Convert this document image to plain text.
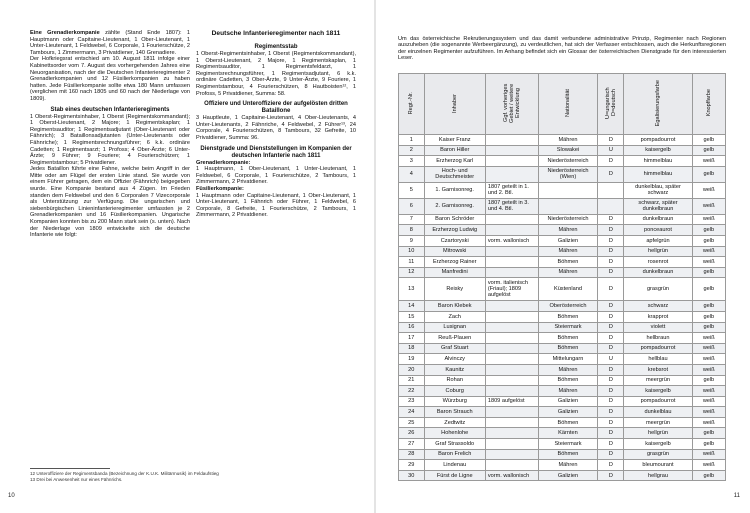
Eine Grenadierkompanie zählte (Stand Ende 1807): 1 Hauptmann oder Capitaine-Lieutenant, 1 Ober-Lieutenant, 1 Unter-Lieutenant, 1 Feldwebel, 6 Corporale, 1 Fourierschütze, 2 Tambours, 1 Zimmermann, 3 Privatdiener, 140 Grenadiere.

Der Hofkriegsrat entschied am 10. August 1811 infolge einer Kabinettsorder vom 7. August des vorhergehenden Jahres eine Neuorganisation, nach der die Deutschen Infanterieregimenter 2 Grenadierkompanien und 12 Füsilierkompanien zu haben hatten. Jede Füsilierkompanie sollte etwa 180 Mann umfassen (verglichen mit 160 nach 1805 und 60 nach der Niederlage von 1809).

Stab eines deutschen Infanterieregiments

1 Oberst-Regimentsinhaber, 1 Oberst (Regimentskommandant); 1 Oberst-Lieutenant, 2 Majore; 1 Regimentskaplan; 1 Regimentsauditor; 1 Regimentsadjutant (Ober-Lieutenant oder Fähnrich); 3 Bataillonsadjutanten (Unter-Lieutenants oder Fähnriche); 1 Regimentsrechnungsführer; 6 k.k. ordinäre Cadetten; 1 Regimentsarzt; 1 Profoss; 4 Ober-Ärzte; 6 Unter-Ärzte; 9 Führer; 9 Fouriere; 4 Fourierschützen; 1 Regimentstambour; 5 Privatdiener.

Jedes Bataillon führte eine Fahne, welche beim Angriff in der Mitte oder am Flügel der ersten Linie stand. Sie wurde von einem Führer getragen, dem ein Offizier (Fähnrich) beigegeben wurde. Eine Kompanie bestand aus 4 Zügen. Im Frieden standen dem Feldwebel und den 6 Corporalen 7 Vizecorporale als Unterstützung zur Verfügung. Die ungarischen und siebenbürgischen Linieninfanterieregimenter umfassten je 2 Grenadierkompanien und 16 Füsilierkompanien. Ungarische Kompanien konnten bis zu 200 Mann stark sein (s. unten). Nach der Niederlage von 1809 entwickelte sich die deutsche Infanterie wie folgt:

Deutsche Infanterieregimenter nach 1811

Regimentsstab

1 Oberst-Regimentsinhaber, 1 Oberst (Regimentskommandant), 1 Oberst-Lieutenant, 2 Majore, 1 Regimentskaplan, 1 Regimentsauditor, 1 Regimentsfeldarzt, 1 Regimentsrechnungsführer, 1 Regimentsadjutant, 6 k.k. ordinäre Cadetten, 3 Ober-Ärzte, 9 Unter-Ärzte, 9 Fouriere, 1 Regimentstambour, 4 Fourierschützen, 8 Hautboisten¹², 1 Profoss, 5 Privatdiener, Summa: 58.

Offiziere und Unteroffiziere der aufgelösten dritten Bataillone

3 Hauptleute, 1 Capitaine-Lieutenant, 4 Ober-Lieutenants, 4 Unter-Lieutenants, 2 Fähnriche, 4 Feldwebel, 2 Führer¹³, 24 Corporale, 4 Fourierschützen, 8 Tambours, 32 Gefreite, 10 Privatdiener, Summa: 96.

Dienstgrade und Dienststellungen im Kompanien der deutschen Infanterie nach 1811

Grenadierkompanie:

1 Hauptmann, 1 Ober-Lieutenant, 1 Unter-Lieutenant, 1 Feldwebel, 6 Corporale, 1 Fourierschütze, 2 Tambours, 1 Zimmermann, 2 Privatdiener.

Füsilierkompanie:

1 Hauptmann oder Capitaine-Lieutenant, 1 Ober-Lieutenant, 1 Unter-Lieutenant, 1 Fähnrich oder Führer, 1 Feldwebel, 6 Corporale, 8 Gefreite, 1 Fourierschütze, 2 Tambours, 1 Zimmermann, 2 Privatdiener.

12 Unteroffiziere der Regimentsbanda (Bezeichnung der K.U.K. Militärmusik) im Feldaufstieg
13 Drei bei Anwesenheit nur eines Fähnrichs.
10

Um das österreichische Rekrutierungssystem und das damit verbundene administrative Prinzip, Regimenter nach Regionen auszuheben (die sogenannte Werbeergänzung), zu verdeutlichen, hat sich der Verfasser entschlossen, auch die Herkunftsregionen der einzelnen Regimenter aufzuführen. Im Anhang befindet sich ein Glossar der österreichischen Dienstgrade für den interessierten Leser.

Regt.-Nr.	Inhaber	Ggf. vorheriges Gebiet / weitere Entwicklung	Nationalität	U=ungarisch D=deutsch	Egalisierungsfarbe	Knopffarbe
1	Kaiser Franz		Mähren	D	pompadourrot	gelb
2	Baron Hiller		Slowakei	U	kaisergelb	gelb
3	Erzherzog Karl		Niederösterreich	D	himmelblau	weiß
4	Hoch- und Deutschmeister		Niederösterreich (Wien)	D	himmelblau	gelb
5	1. Garnisonreg.	1807 geteilt in 1. und 2. Btl.			dunkelblau, später schwarz	weiß
6	2. Garnisonreg.	1807 geteilt in 3. und 4. Btl.			schwarz, später dunkelbraun	weiß
7	Baron Schröder		Niederösterreich	D	dunkelbraun	weiß
8	Erzherzog Ludwig		Mähren	D	ponceaurot	gelb
9	Czartoryski	vorm. wallonisch	Galizien	D	apfelgrün	gelb
10	Mitrowski		Mähren	D	hellgrün	weiß
11	Erzherzog Rainer		Böhmen	D	rosenrot	weiß
12	Manfredini		Mähren	D	dunkelbraun	gelb
13	Reisky	vorm. italienisch (Friaul); 1809 aufgelöst	Küstenland	D	grasgrün	gelb
14	Baron Klebek		Oberösterreich	D	schwarz	gelb
15	Zach		Böhmen	D	krapprot	gelb
16	Lusignan		Steiermark	D	violett	gelb
17	Reuß-Plauen		Böhmen	D	hellbraun	weiß
18	Graf Stuart		Böhmen	D	pompadourrot	weiß
19	Alvinczy		Mittelungarn	U	hellblau	weiß
20	Kaunitz		Mähren	D	krebsrot	weiß
21	Rohan		Böhmen	D	meergrün	gelb
22	Coburg		Mähren	D	kaisergelb	weiß
23	Würzburg	1809 aufgelöst	Galizien	D	pompadourrot	weiß
24	Baron Strauch		Galizien	D	dunkelblau	weiß
25	Zedtwitz		Böhmen	D	meergrün	weiß
26	Hohenlohe		Kärnten	D	hellgrün	gelb
27	Graf Strassoldo		Steiermark	D	kaisergelb	gelb
28	Baron Frelich		Böhmen	D	grasgrün	weiß
29	Lindenau		Mähren	D	bleumourant	weiß
30	Fürst de Ligne	vorm. wallonisch	Galizien	D	hellgrau	gelb
11
